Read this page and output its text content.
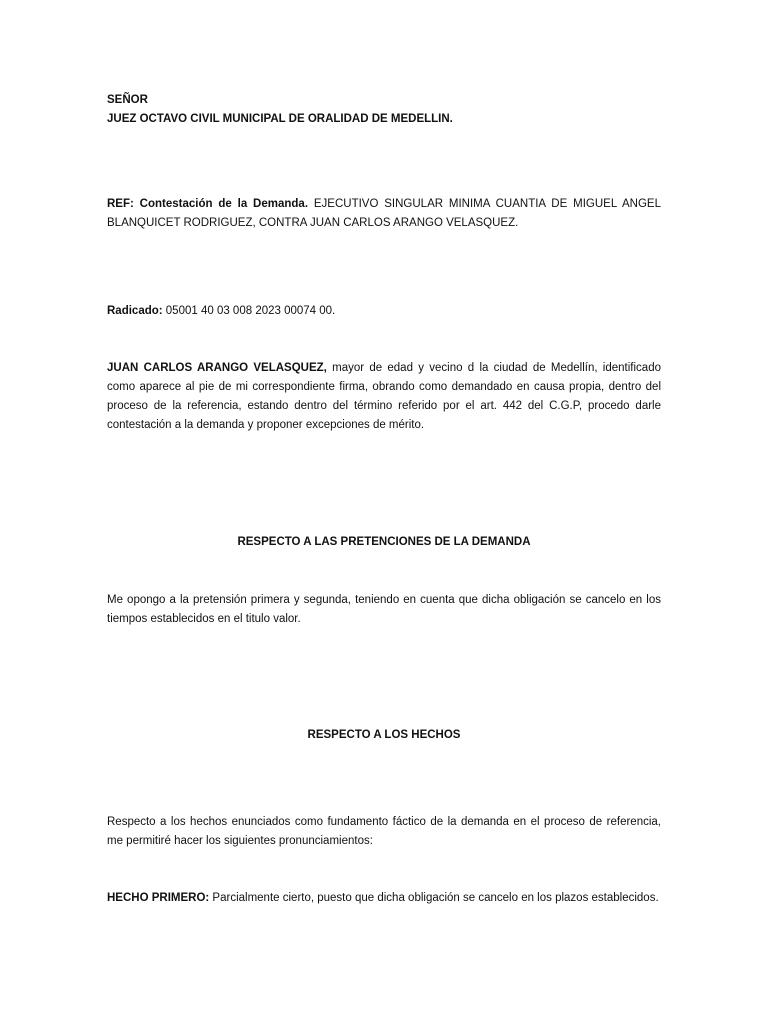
SEÑOR

JUEZ OCTAVO CIVIL MUNICIPAL DE ORALIDAD DE MEDELLIN.

REF: Contestación de la Demanda. EJECUTIVO SINGULAR MINIMA CUANTIA DE MIGUEL ANGEL BLANQUICET RODRIGUEZ, CONTRA JUAN CARLOS ARANGO VELASQUEZ.

Radicado: 05001 40 03 008 2023 00074 00.

JUAN CARLOS ARANGO VELASQUEZ, mayor de edad y vecino d la ciudad de Medellín, identificado como aparece al pie de mi correspondiente firma, obrando como demandado en causa propia, dentro del proceso de la referencia, estando dentro del término referido por el art. 442 del C.G.P, procedo darle contestación a la demanda y proponer excepciones de mérito.

RESPECTO A LAS PRETENCIONES DE LA DEMANDA

Me opongo a la pretensión primera y segunda, teniendo en cuenta que dicha obligación se cancelo en los tiempos establecidos en el titulo valor.

RESPECTO A LOS HECHOS

Respecto a los hechos enunciados como fundamento fáctico de la demanda en el proceso de referencia, me permitiré hacer los siguientes pronunciamientos:

HECHO PRIMERO: Parcialmente cierto, puesto que dicha obligación se cancelo en los plazos establecidos.
